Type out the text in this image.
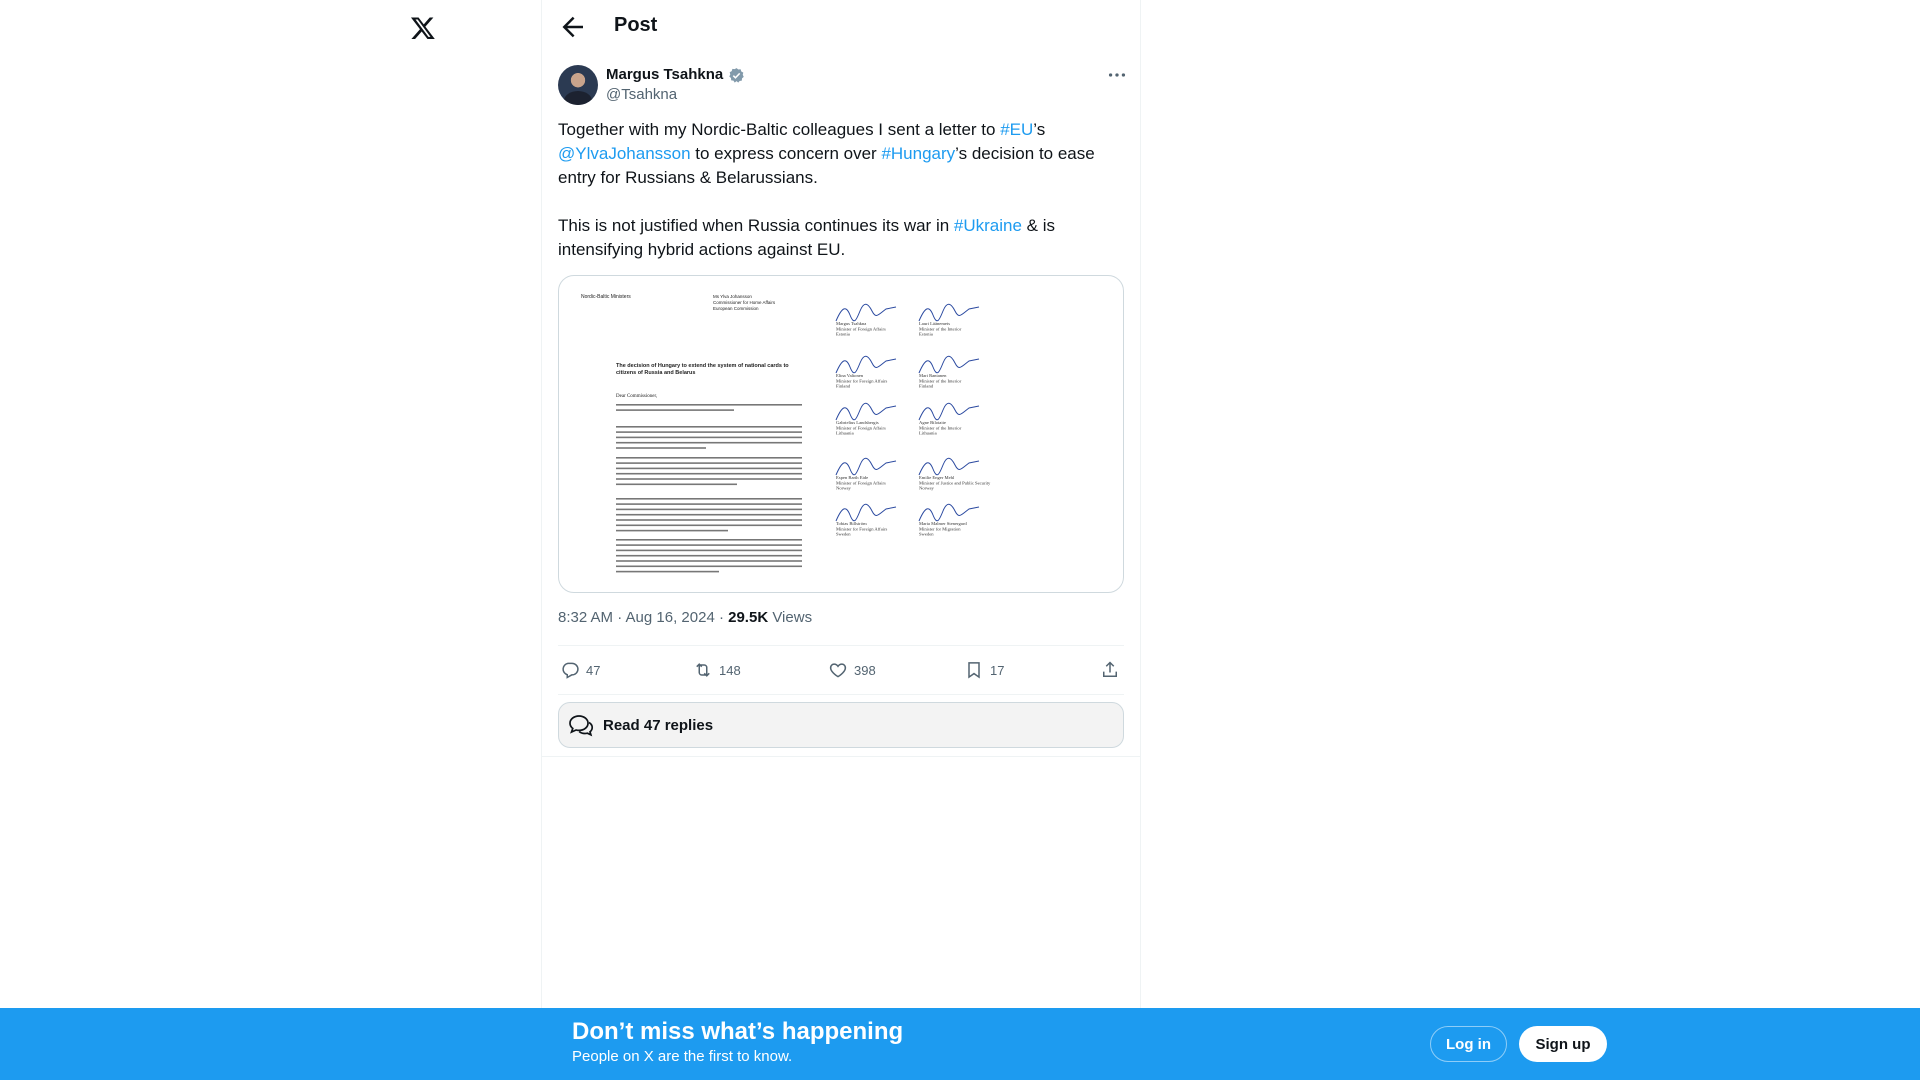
Post
Margus Tsahkna
@Tsahkna

Together with my Nordic-Baltic colleagues I sent a letter to #EU’s @YlvaJohansson to express concern over #Hungary’s decision to ease entry for Russians & Belarussians.

This is not justified when Russia continues its war in #Ukraine & is intensifying hybrid actions against EU.

Nordic-Baltic Ministers	Ms Ylva Johansson
Commissioner for Home Affairs
European Commission
The decision of Hungary to extend the system of national cards to
citizens of Russia and Belarus
Dear Commissioner,
Margus Tsahkna
Minister of Foreign Affairs
Estonia
Lauri Läänemets
Minister of the Interior
Estonia
Elina Valtonen
Minister for Foreign Affairs
Finland
Mari Rantanen
Minister of the Interior
Finland
Gabrielius Landsbergis
Minister of Foreign Affairs
Lithuania
Agne Bilotaite
Minister of the Interior
Lithuania
Espen Barth Eide
Minister of Foreign Affairs
Norway
Emilie Enger Mehl
Minister of Justice and Public Security
Norway
Tobias Billström
Minister for Foreign Affairs
Sweden
Maria Malmer Stenergard
Minister for Migration
Sweden
8:32 AM · Aug 16, 2024 · 29.5K Views
47	148	398	17
Read 47 replies
Don’t miss what’s happening
People on X are the first to know.
Log in	Sign up
